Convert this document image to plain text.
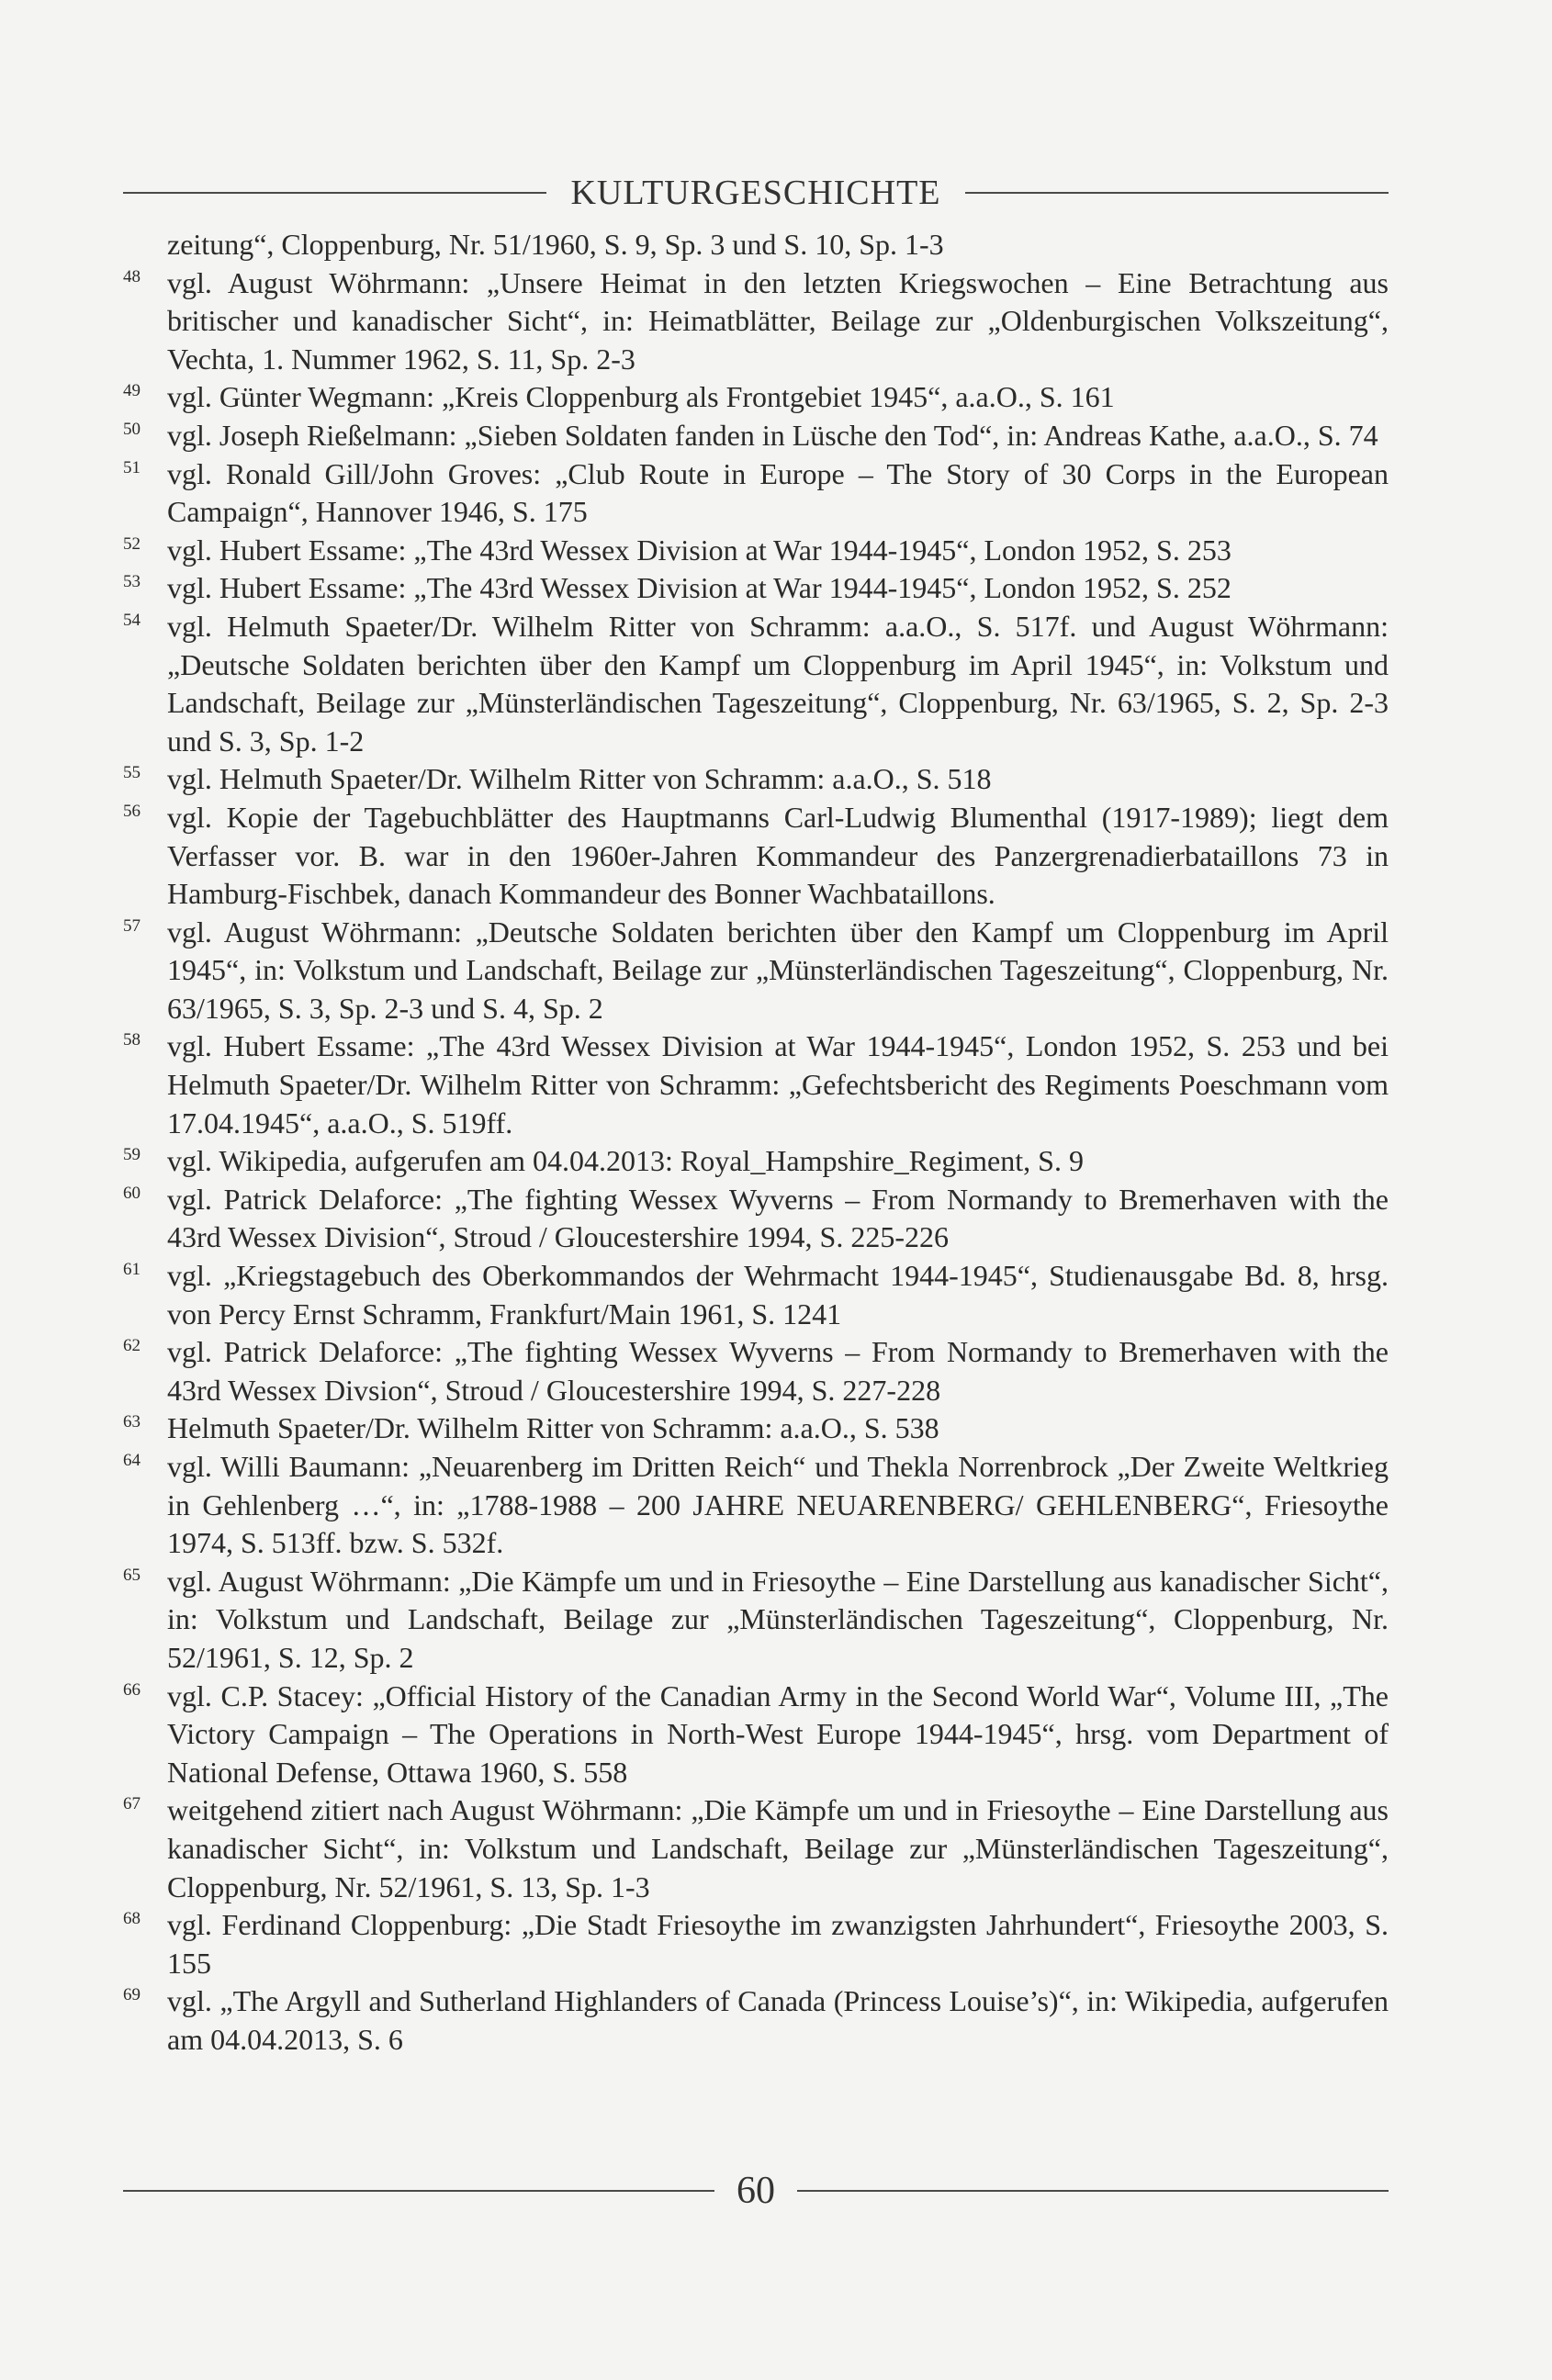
KULTURGESCHICHTE
zeitung“, Cloppenburg, Nr. 51/1960, S. 9, Sp. 3 und S. 10, Sp. 1-3
48 vgl. August Wöhrmann: „Unsere Heimat in den letzten Kriegswochen – Eine Betrachtung aus britischer und kanadischer Sicht“, in: Heimatblätter, Beilage zur „Oldenburgischen Volkszeitung“, Vechta, 1. Nummer 1962, S. 11, Sp. 2-3
49 vgl. Günter Wegmann: „Kreis Cloppenburg als Frontgebiet 1945“, a.a.O., S. 161
50 vgl. Joseph Rießelmann: „Sieben Soldaten fanden in Lüsche den Tod“, in: Andreas Kathe, a.a.O., S. 74
51 vgl. Ronald Gill/John Groves: „Club Route in Europe – The Story of 30 Corps in the European Campaign“, Hannover 1946, S. 175
52 vgl. Hubert Essame: „The 43rd Wessex Division at War 1944-1945“, London 1952, S. 253
53 vgl. Hubert Essame: „The 43rd Wessex Division at War 1944-1945“, London 1952, S. 252
54 vgl. Helmuth Spaeter/Dr. Wilhelm Ritter von Schramm: a.a.O., S. 517f. und August Wöhrmann: „Deutsche Soldaten berichten über den Kampf um Cloppenburg im April 1945“, in: Volkstum und Landschaft, Beilage zur „Münsterländischen Tageszeitung“, Cloppenburg, Nr. 63/1965, S. 2, Sp. 2-3 und S. 3, Sp. 1-2
55 vgl. Helmuth Spaeter/Dr. Wilhelm Ritter von Schramm: a.a.O., S. 518
56 vgl. Kopie der Tagebuchblätter des Hauptmanns Carl-Ludwig Blumenthal (1917-1989); liegt dem Verfasser vor. B. war in den 1960er-Jahren Kommandeur des Panzergrenadierbataillons 73 in Hamburg-Fischbek, danach Kommandeur des Bonner Wachbataillons.
57 vgl. August Wöhrmann: „Deutsche Soldaten berichten über den Kampf um Cloppenburg im April 1945“, in: Volkstum und Landschaft, Beilage zur „Münsterländischen Tageszeitung“, Cloppenburg, Nr. 63/1965, S. 3, Sp. 2-3 und S. 4, Sp. 2
58 vgl. Hubert Essame: „The 43rd Wessex Division at War 1944-1945“, London 1952, S. 253 und bei Helmuth Spaeter/Dr. Wilhelm Ritter von Schramm: „Gefechtsbericht des Regiments Poeschmann vom 17.04.1945“, a.a.O., S. 519ff.
59 vgl. Wikipedia, aufgerufen am 04.04.2013: Royal_Hampshire_Regiment, S. 9
60 vgl. Patrick Delaforce: „The fighting Wessex Wyverns – From Normandy to Bremerhaven with the 43rd Wessex Division“, Stroud / Gloucestershire 1994, S. 225-226
61 vgl. „Kriegstagebuch des Oberkommandos der Wehrmacht 1944-1945“, Studienausgabe Bd. 8, hrsg. von Percy Ernst Schramm, Frankfurt/Main 1961, S. 1241
62 vgl. Patrick Delaforce: „The fighting Wessex Wyverns – From Normandy to Bremerhaven with the 43rd Wessex Divsion“, Stroud / Gloucestershire 1994, S. 227-228
63 Helmuth Spaeter/Dr. Wilhelm Ritter von Schramm: a.a.O., S. 538
64 vgl. Willi Baumann: „Neuarenberg im Dritten Reich“ und Thekla Norrenbrock „Der Zweite Weltkrieg in Gehlenberg …“, in: „1788-1988 – 200 JAHRE NEUARENBERG/ GEHLENBERG“, Friesoythe 1974, S. 513ff. bzw. S. 532f.
65 vgl. August Wöhrmann: „Die Kämpfe um und in Friesoythe – Eine Darstellung aus kanadischer Sicht“, in: Volkstum und Landschaft, Beilage zur „Münsterländischen Tageszeitung“, Cloppenburg, Nr. 52/1961, S. 12, Sp. 2
66 vgl. C.P. Stacey: „Official History of the Canadian Army in the Second World War“, Volume III, „The Victory Campaign – The Operations in North-West Europe 1944-1945“, hrsg. vom Department of National Defense, Ottawa 1960, S. 558
67 weitgehend zitiert nach August Wöhrmann: „Die Kämpfe um und in Friesoythe – Eine Darstellung aus kanadischer Sicht“, in: Volkstum und Landschaft, Beilage zur „Münsterländischen Tageszeitung“, Cloppenburg, Nr. 52/1961, S. 13, Sp. 1-3
68 vgl. Ferdinand Cloppenburg: „Die Stadt Friesoythe im zwanzigsten Jahrhundert“, Friesoythe 2003, S. 155
69 vgl. „The Argyll and Sutherland Highlanders of Canada (Princess Louise’s)“, in: Wikipedia, aufgerufen am 04.04.2013, S. 6
60
